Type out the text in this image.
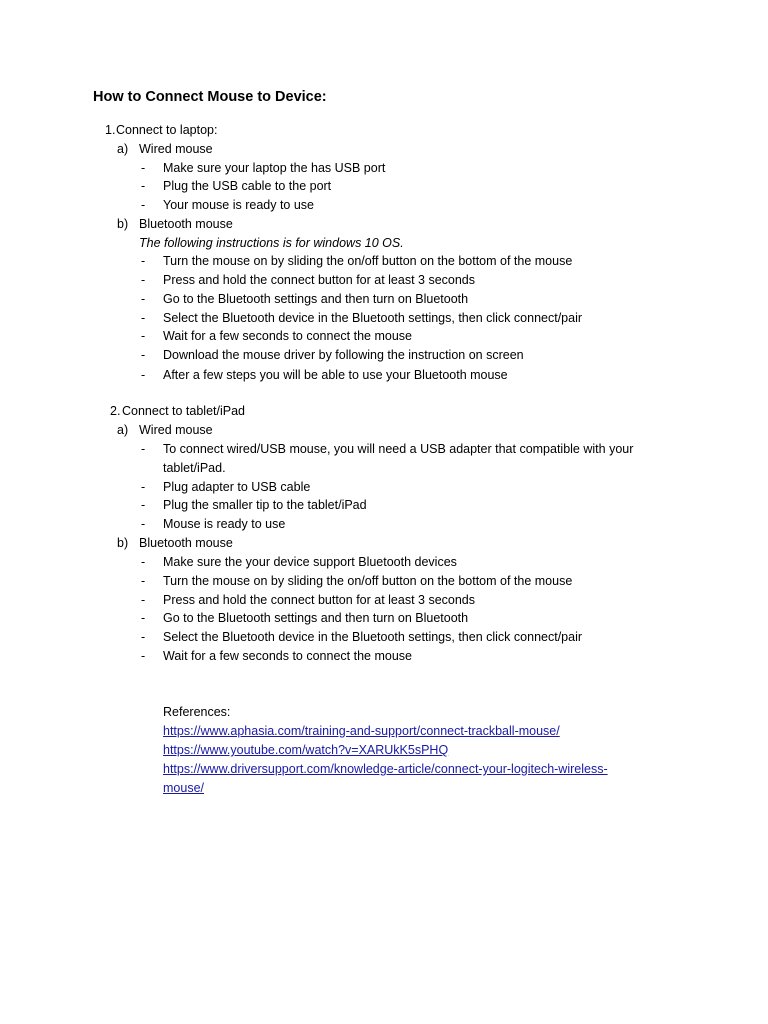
How to Connect Mouse to Device:
1. Connect to laptop:
a) Wired mouse
- Make sure your laptop the has USB port
- Plug the USB cable to the port
- Your mouse is ready to use
b) Bluetooth mouse
The following instructions is for windows 10 OS.
- Turn the mouse on by sliding the on/off button on the bottom of the mouse
- Press and hold the connect button for at least 3 seconds
- Go to the Bluetooth settings and then turn on Bluetooth
- Select the Bluetooth device in the Bluetooth settings, then click connect/pair
- Wait for a few seconds to connect the mouse
- Download the mouse driver by following the instruction on screen
- After a few steps you will be able to use your Bluetooth mouse
2. Connect to tablet/iPad
a) Wired mouse
- To connect wired/USB mouse, you will need a USB adapter that compatible with your
tablet/iPad.
- Plug adapter to USB cable
- Plug the smaller tip to the tablet/iPad
- Mouse is ready to use
b) Bluetooth mouse
- Make sure the your device support Bluetooth devices
- Turn the mouse on by sliding the on/off button on the bottom of the mouse
- Press and hold the connect button for at least 3 seconds
- Go to the Bluetooth settings and then turn on Bluetooth
- Select the Bluetooth device in the Bluetooth settings, then click connect/pair
- Wait for a few seconds to connect the mouse
References:
https://www.aphasia.com/training-and-support/connect-trackball-mouse/
https://www.youtube.com/watch?v=XARUkK5sPHQ
https://www.driversupport.com/knowledge-article/connect-your-logitech-wireless-
mouse/
